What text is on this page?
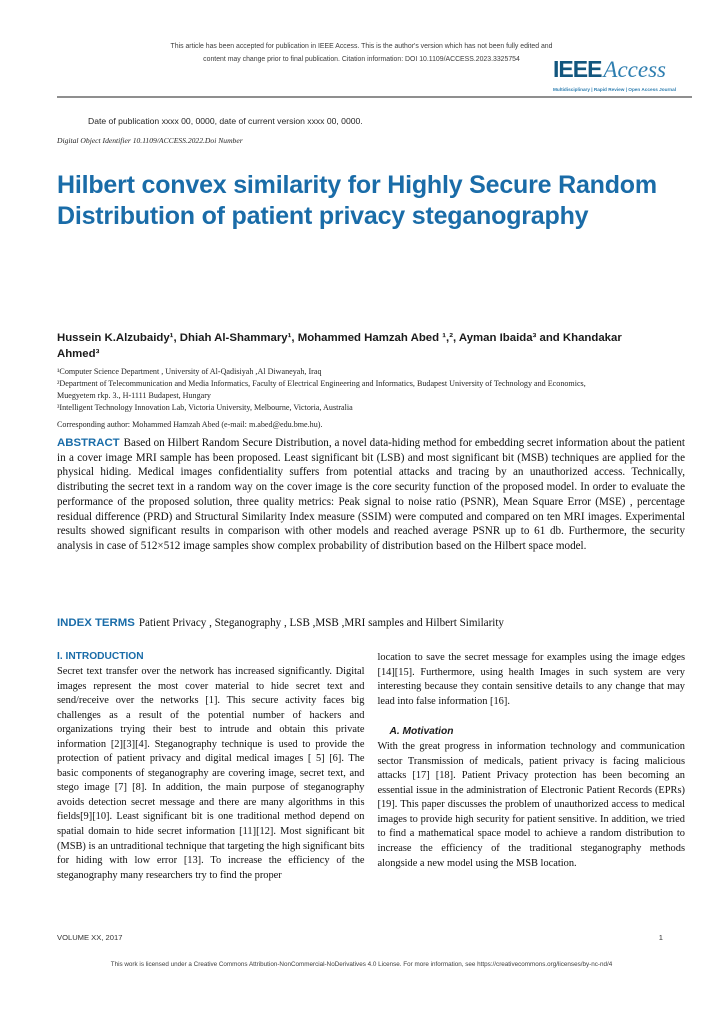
This article has been accepted for publication in IEEE Access. This is the author's version which has not been fully edited and
content may change prior to final publication. Citation information: DOI 10.1109/ACCESS.2023.3325754	IEEEAccess
Multidisciplinary | Rapid Review | Open Access Journal
Date of publication xxxx 00, 0000, date of current version xxxx 00, 0000.
Digital Object Identifier 10.1109/ACCESS.2022.Doi Number
Hilbert convex similarity for Highly Secure Random Distribution of patient privacy steganography
Hussein K.Alzubaidy¹, Dhiah Al-Shammary¹, Mohammed Hamzah Abed ¹,², Ayman Ibaida³ and Khandakar Ahmed³
¹Computer Science Department , University of Al-Qadisiyah ,Al Diwaneyah, Iraq
²Department of Telecommunication and Media Informatics, Faculty of Electrical Engineering and Informatics, Budapest University of Technology and Economics, Muegyetem rkp. 3., H-1111 Budapest, Hungary
³Intelligent Technology Innovation Lab, Victoria University, Melbourne, Victoria, Australia
Corresponding author: Mohammed Hamzah Abed (e-mail: m.abed@edu.bme.hu).
ABSTRACT Based on Hilbert Random Secure Distribution, a novel data-hiding method for embedding secret information about the patient in a cover image MRI sample has been proposed. Least significant bit (LSB) and most significant bit (MSB) techniques are applied for the physical hiding. Medical images confidentiality suffers from potential attacks and tracing by an unauthorized access. Technically, distributing the secret text in a random way on the cover image is the core security function of the proposed model. In order to evaluate the performance of the proposed solution, three quality metrics: Peak signal to noise ratio (PSNR), Mean Square Error (MSE) , percentage residual difference (PRD) and Structural Similarity Index measure (SSIM) were computed and compared on ten MRI images. Experimental results showed significant results in comparison with other models and reached average PSNR up to 61 db. Furthermore, the security analysis in case of 512×512 image samples show complex probability of distribution based on the Hilbert space model.
INDEX TERMS Patient Privacy , Steganography , LSB ,MSB ,MRI samples and Hilbert Similarity
I. INTRODUCTION

Secret text transfer over the network has increased significantly. Digital images represent the most cover material to hide secret text and send/receive over the networks [1]. This secure activity faces big challenges as a result of the potential number of hackers and organizations trying their best to intrude and obtain this private information [2][3][4]. Steganography technique is used to provide the protection of patient privacy and digital medical images [ 5] [6]. The basic components of steganography are covering image, secret text, and stego image [7] [8]. In addition, the main purpose of steganography avoids detection secret message and there are many algorithms in this fields[9][10]. Least significant bit is one traditional method depend on spatial domain to hide secret information [11][12]. Most significant bit (MSB) is an untraditional technique that targeting the high significant bits for hiding with low error [13]. To increase the efficiency of the steganography many researchers try to find the proper

location to save the secret message for examples using the image edges [14][15]. Furthermore, using health Images in such system are very interesting because they contain sensitive details to any change that may lead into false information [16].

A. Motivation

With the great progress in information technology and communication sector Transmission of medicals, patient privacy is facing malicious attacks [17] [18]. Patient Privacy protection has been becoming an essential issue in the administration of Electronic Patient Records (EPRs) [19]. This paper discusses the problem of unauthorized access to medical images to provide high security for patient sensitive. In addition, we tried to find a mathematical space model to achieve a random distribution to increase the efficiency of the traditional steganography methods alongside a new model using the MSB location.

VOLUME XX, 2017	1
This work is licensed under a Creative Commons Attribution-NonCommercial-NoDerivatives 4.0 License. For more information, see https://creativecommons.org/licenses/by-nc-nd/4
